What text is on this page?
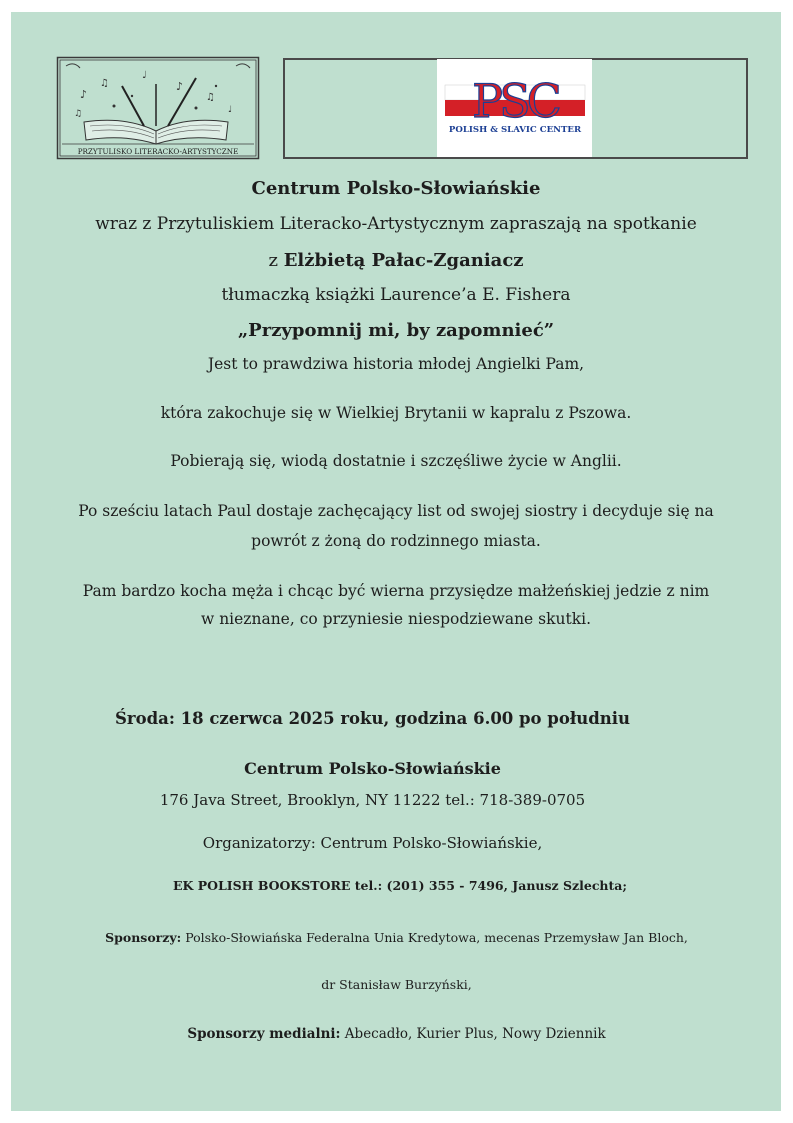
♪
♫
♩
♪
♫
♩
♫
PRZYTULISKO LITERACKO-ARTYSTYCZNE
PSC
POLISH & SLAVIC CENTER
Centrum Polsko-Słowiańskie
wraz z Przytuliskiem Literacko-Artystycznym zapraszają na spotkanie
z Elżbietą Pałac-Zganiacz
tłumaczką książki Laurence’a E. Fishera
„Przypomnij mi, by zapomnieć”
Jest to prawdziwa historia młodej Angielki Pam,
która zakochuje się w Wielkiej Brytanii w kapralu z Pszowa.
Pobierają się, wiodą dostatnie i szczęśliwe życie w Anglii.
Po sześciu latach Paul dostaje zachęcający list od swojej siostry i decyduje się na
powrót z żoną do rodzinnego miasta.
Pam bardzo kocha męża i chcąc być wierna przysiędze małżeńskiej jedzie z nim
w nieznane, co przyniesie niespodziewane skutki.
Środa: 18 czerwca 2025 roku, godzina 6.00 po południu
Centrum Polsko-Słowiańskie
176 Java Street, Brooklyn, NY 11222 tel.: 718-389-0705
Organizatorzy: Centrum Polsko-Słowiańskie,
EK POLISH BOOKSTORE tel.: (201) 355 - 7496, Janusz Szlechta;
Sponsorzy: Polsko-Słowiańska Federalna Unia Kredytowa, mecenas Przemysław Jan Bloch,
dr Stanisław Burzyński,
Sponsorzy medialni: Abecadło, Kurier Plus, Nowy Dziennik
